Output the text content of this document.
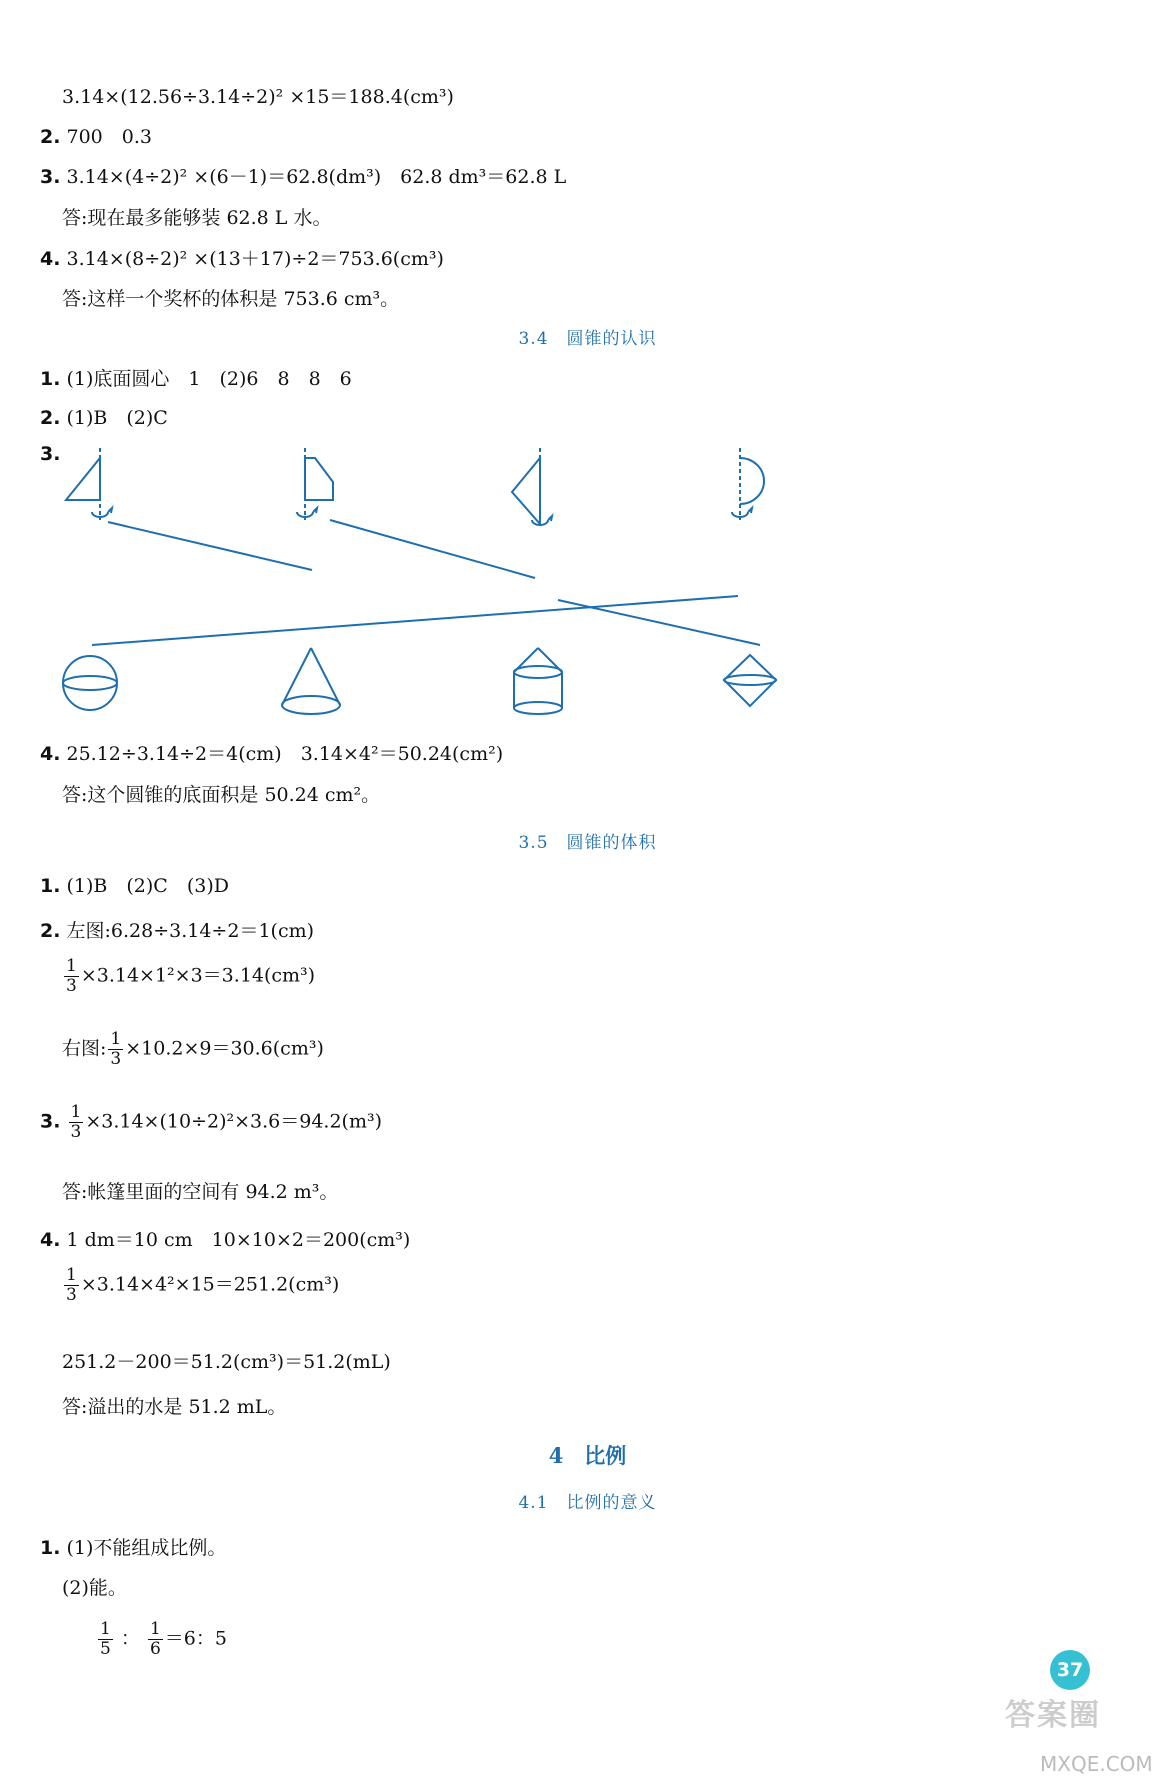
3.14×(12.56÷3.14÷2)² ×15＝188.4(cm³)
2. 700　0.3
3. 3.14×(4÷2)² ×(6－1)＝62.8(dm³)　62.8 dm³＝62.8 L
答:现在最多能够装 62.8 L 水。
4. 3.14×(8÷2)² ×(13＋17)÷2＝753.6(cm³)
答:这样一个奖杯的体积是 753.6 cm³。
3.4　圆锥的认识
1. (1)底面圆心　1　(2)6　8　8　6
2. (1)B　(2)C
3.
4. 25.12÷3.14÷2＝4(cm)　3.14×4²＝50.24(cm²)
答:这个圆锥的底面积是 50.24 cm²。
3.5　圆锥的体积
1. (1)B　(2)C　(3)D
2. 左图:6.28÷3.14÷2＝1(cm)
$\frac{1}{3} \times 3.14\times 1^2\times 3=3.14(cm^3)$
右图: $\frac{1}{3} \times 10.2\times 9=30.6(cm^3)$
3. $\frac{1}{3} \times 3.14\times(10\div 2)^2\times 3.6=94.2(m^3)$
答:帐篷里面的空间有 94.2 m³。
4. 1 dm＝10 cm　10×10×2＝200(cm³)
$\frac{1}{3} \times 3.14\times 4^2\times 15=251.2(cm^3)$
251.2－200＝51.2(cm³)＝51.2(mL)
答:溢出的水是 51.2 mL。
4　比例
4.1　比例的意义
1. (1)不能组成比例。
(2)能。
$\frac{1}{5}$ ： $\frac{1}{6} =6$：5
37
答案圈
MXQE.COM
